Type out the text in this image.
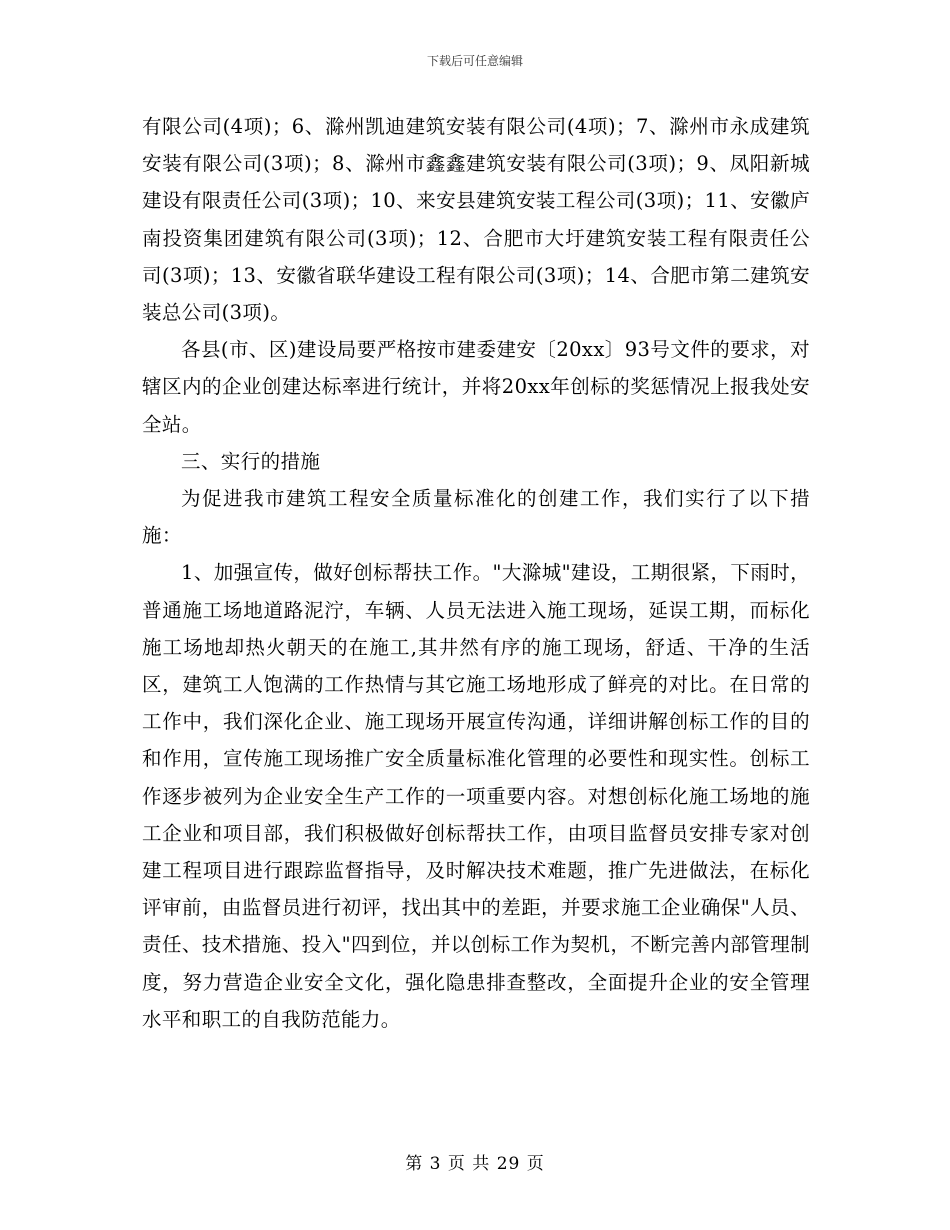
下载后可任意编辑

有限公司(4项)；6、滁州凯迪建筑安装有限公司(4项)；7、滁州市永成建筑安装有限公司(3项)；8、滁州市鑫鑫建筑安装有限公司(3项)；9、凤阳新城建设有限责任公司(3项)；10、来安县建筑安装工程公司(3项)；11、安徽庐南投资集团建筑有限公司(3项)；12、合肥市大圩建筑安装工程有限责任公司(3项)；13、安徽省联华建设工程有限公司(3项)；14、合肥市第二建筑安装总公司(3项)。

各县(市、区)建设局要严格按市建委建安〔20xx〕93号文件的要求，对辖区内的企业创建达标率进行统计，并将20xx年创标的奖惩情况上报我处安全站。

三、实行的措施

为促进我市建筑工程安全质量标准化的创建工作，我们实行了以下措施：

1、加强宣传，做好创标帮扶工作。"大滁城"建设，工期很紧，下雨时，普通施工场地道路泥泞，车辆、人员无法进入施工现场，延误工期，而标化施工场地却热火朝天的在施工,其井然有序的施工现场，舒适、干净的生活区，建筑工人饱满的工作热情与其它施工场地形成了鲜亮的对比。在日常的工作中，我们深化企业、施工现场开展宣传沟通，详细讲解创标工作的目的和作用，宣传施工现场推广安全质量标准化管理的必要性和现实性。创标工作逐步被列为企业安全生产工作的一项重要内容。对想创标化施工场地的施工企业和项目部，我们积极做好创标帮扶工作，由项目监督员安排专家对创建工程项目进行跟踪监督指导，及时解决技术难题，推广先进做法，在标化评审前，由监督员进行初评，找出其中的差距，并要求施工企业确保"人员、责任、技术措施、投入"四到位，并以创标工作为契机，不断完善内部管理制度，努力营造企业安全文化，强化隐患排查整改，全面提升企业的安全管理水平和职工的自我防范能力。

第 3 页 共 29 页
